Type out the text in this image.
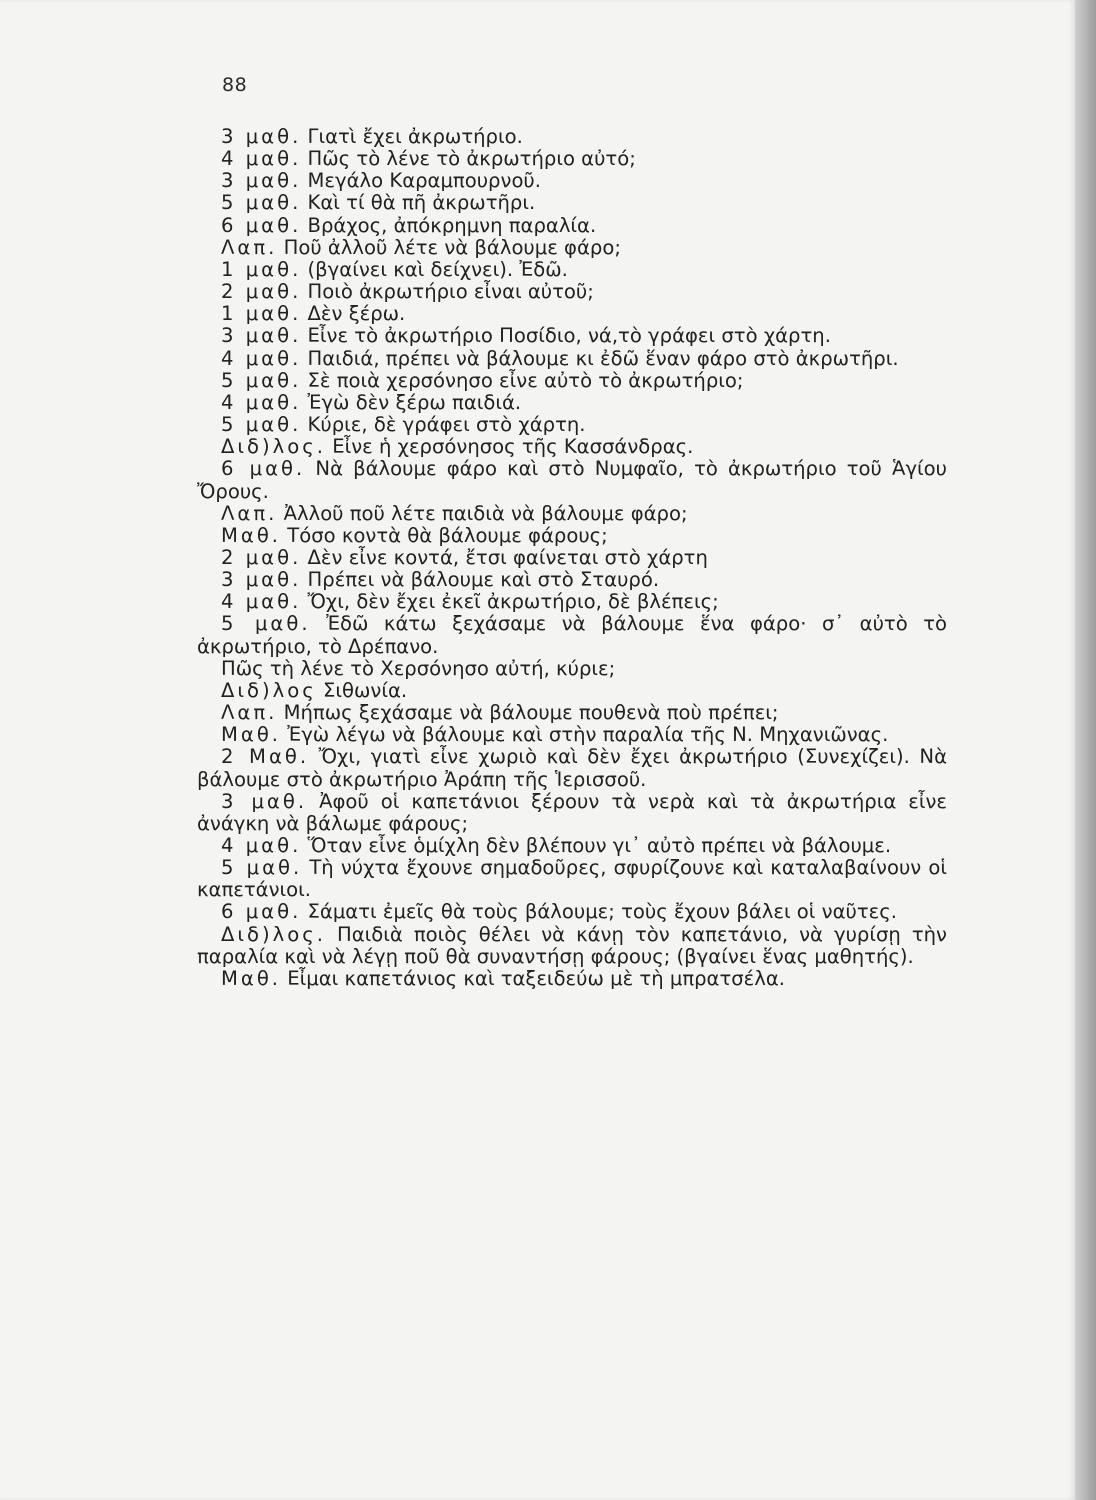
88

3 μαθ. Γιατὶ ἔχει ἀκρωτήριο.

4 μαθ. Πῶς τὸ λένε τὸ ἀκρωτήριο αὐτό;

3 μαθ. Μεγάλο Καραμπουρνοῦ.

5 μαθ. Καὶ τί θὰ πῆ ἀκρωτῆρι.

6 μαθ. Βράχος, ἀπόκρημνη παραλία.

Λαπ. Ποῦ ἀλλοῦ λέτε νὰ βάλουμε φάρο;

1 μαθ. (βγαίνει καὶ δείχνει). Ἐδῶ.

2 μαθ. Ποιὸ ἀκρωτήριο εἶναι αὐτοῦ;

1 μαθ. Δὲν ξέρω.

3 μαθ. Εἶνε τὸ ἀκρωτήριο Ποσίδιο, νά,τὸ γράφει στὸ χάρτη.

4 μαθ. Παιδιά, πρέπει νὰ βάλουμε κι ἐδῶ ἕναν φάρο στὸ ἀκρωτῆρι.

5 μαθ. Σὲ ποιὰ χερσόνησο εἶνε αὐτὸ τὸ ἀκρωτήριο;

4 μαθ. Ἐγὼ δὲν ξέρω παιδιά.

5 μαθ. Κύριε, δὲ γράφει στὸ χάρτη.

Διδ)λος. Εἶνε ἡ χερσόνησος τῆς Κασσάνδρας.

6 μαθ. Νὰ βάλουμε φάρο καὶ στὸ Νυμφαῖο, τὸ ἀκρωτήριο τοῦ Ἁγίου Ὄρους.

Λαπ. Ἀλλοῦ ποῦ λέτε παιδιὰ νὰ βάλουμε φάρο;

Μαθ. Τόσο κοντὰ θὰ βάλουμε φάρους;

2 μαθ. Δὲν εἶνε κοντά, ἔτσι φαίνεται στὸ χάρτη

3 μαθ. Πρέπει νὰ βάλουμε καὶ στὸ Σταυρό.

4 μαθ. Ὄχι, δὲν ἔχει ἐκεῖ ἀκρωτήριο, δὲ βλέπεις;

5 μαθ. Ἐδῶ κάτω ξεχάσαμε νὰ βάλουμε ἕνα φάρο· σ᾽ αὐτὸ τὸ ἀκρωτήριο, τὸ Δρέπανο.

Πῶς τὴ λένε τὸ Χερσόνησο αὐτή, κύριε;

Διδ)λος Σιθωνία.

Λαπ. Μήπως ξεχάσαμε νὰ βάλουμε πουθενὰ ποὺ πρέπει;

Μαθ. Ἐγὼ λέγω νὰ βάλουμε καὶ στὴν παραλία τῆς Ν. Μηχανιῶνας.

2 Μαθ. Ὄχι, γιατὶ εἶνε χωριὸ καὶ δὲν ἔχει ἀκρωτήριο (Συνεχίζει). Νὰ βάλουμε στὸ ἀκρωτήριο Ἀράπη τῆς Ἱερισσοῦ.

3 μαθ. Ἀφοῦ οἱ καπετάνιοι ξέρουν τὰ νερὰ καὶ τὰ ἀκρωτήρια εἶνε ἀνάγκη νὰ βάλωμε φάρους;

4 μαθ. Ὅταν εἶνε ὁμίχλη δὲν βλέπουν γι᾽ αὐτὸ πρέπει νὰ βάλουμε.

5 μαθ. Τὴ νύχτα ἔχουνε σημαδοῦρες, σφυρίζουνε καὶ καταλαβαίνουν οἱ καπετάνιοι.

6 μαθ. Σάματι ἐμεῖς θὰ τοὺς βάλουμε; τοὺς ἔχουν βάλει οἱ ναῦτες.

Διδ)λος. Παιδιὰ ποιὸς θέλει νὰ κάνῃ τὸν καπετάνιο, νὰ γυρίσῃ τὴν παραλία καὶ νὰ λέγῃ ποῦ θὰ συναντήσῃ φάρους; (βγαίνει ἕνας μαθητής).

Μαθ. Εἶμαι καπετάνιος καὶ ταξειδεύω μὲ τὴ μπρατσέλα.
